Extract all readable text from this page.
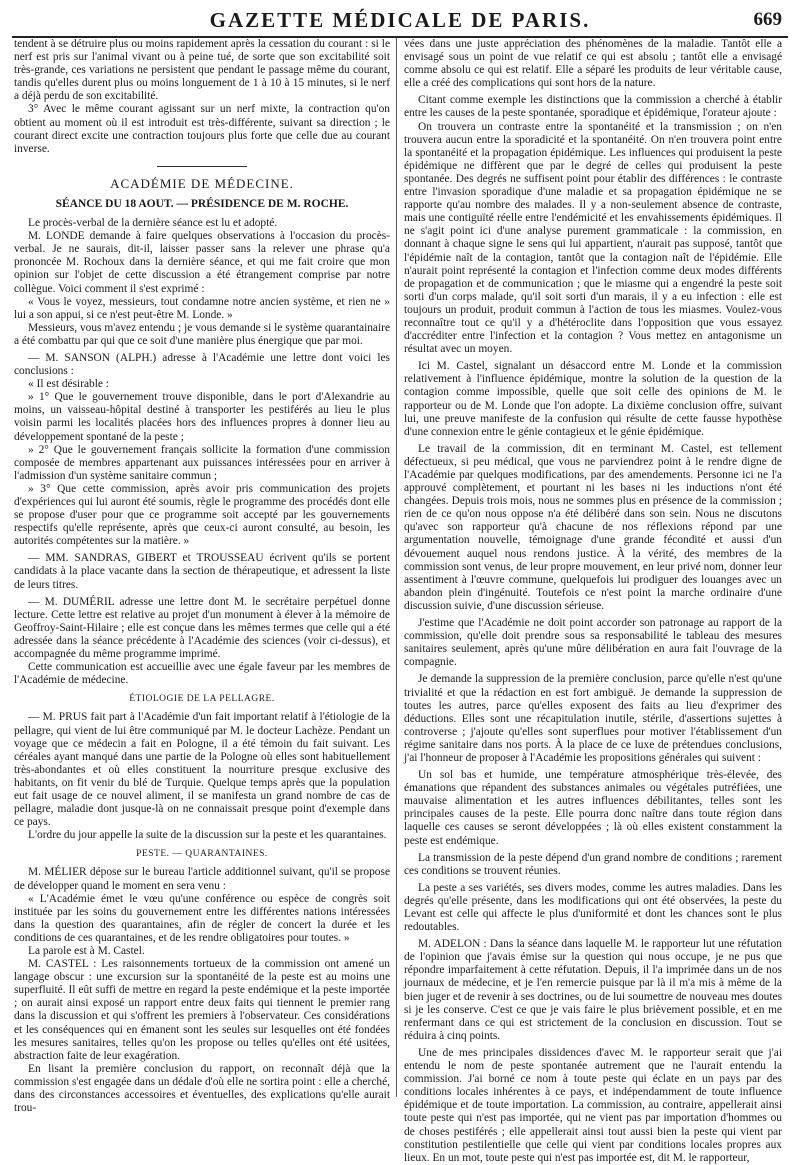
GAZETTE MÉDICALE DE PARIS.	669

tendent à se détruire plus ou moins rapidement après la cessation du courant : si le nerf est pris sur l'animal vivant ou à peine tué, de sorte que son excitabilité soit très-grande, ces variations ne persistent que pendant le passage même du courant, tandis qu'elles durent plus ou moins longuement de 1 à 10 à 15 minutes, si le nerf a déjà perdu de son excitabilité.

3° Avec le même courant agissant sur un nerf mixte, la contraction qu'on obtient au moment où il est introduit est très-différente, suivant sa direction ; le courant direct excite une contraction toujours plus forte que celle due au courant inverse.

ACADÉMIE DE MÉDECINE.
SÉANCE DU 18 AOUT. — PRÉSIDENCE DE M. ROCHE.

Le procès-verbal de la dernière séance est lu et adopté.

M. LONDE demande à faire quelques observations à l'occasion du procès-verbal. Je ne saurais, dit-il, laisser passer sans la relever une phrase qu'a prononcée M. Rochoux dans la dernière séance, et qui me fait croire que mon opinion sur l'objet de cette discussion a été étrangement comprise par notre collègue. Voici comment il s'est exprimé :

« Vous le voyez, messieurs, tout condamne notre ancien système, et rien ne » lui a son appui, si ce n'est peut-être M. Londe. »

Messieurs, vous m'avez entendu ; je vous demande si le système quarantainaire a été combattu par qui que ce soit d'une manière plus énergique que par moi.

— M. SANSON (ALPH.) adresse à l'Académie une lettre dont voici les conclusions :

« Il est désirable :

» 1° Que le gouvernement trouve disponible, dans le port d'Alexandrie au moins, un vaisseau-hôpital destiné à transporter les pestiférés au lieu le plus voisin parmi les localités placées hors des influences propres à donner lieu au développement spontané de la peste ;

» 2° Que le gouvernement français sollicite la formation d'une commission composée de membres appartenant aux puissances intéressées pour en arriver à l'admission d'un système sanitaire commun ;

» 3° Que cette commission, après avoir pris communication des projets d'expériences qui lui auront été soumis, règle le programme des procédés dont elle se propose d'user pour que ce programme soit accepté par les gouvernements respectifs qu'elle représente, après que ceux-ci auront consulté, au besoin, les autorités compétentes sur la matière. »

— MM. SANDRAS, GIBERT et TROUSSEAU écrivent qu'ils se portent candidats à la place vacante dans la section de thérapeutique, et adressent la liste de leurs titres.

— M. DUMÉRIL adresse une lettre dont M. le secrétaire perpétuel donne lecture. Cette lettre est relative au projet d'un monument à élever à la mémoire de Geoffroy-Saint-Hilaire ; elle est conçue dans les mêmes termes que celle qui a été adressée dans la séance précédente à l'Académie des sciences (voir ci-dessus), et accompagnée du même programme imprimé.

Cette communication est accueillie avec une égale faveur par les membres de l'Académie de médecine.

ÉTIOLOGIE DE LA PELLAGRE.

— M. PRUS fait part à l'Académie d'un fait important relatif à l'étiologie de la pellagre, qui vient de lui être communiqué par M. le docteur Lachèze. Pendant un voyage que ce médecin a fait en Pologne, il a été témoin du fait suivant. Les céréales ayant manqué dans une partie de la Pologne où elles sont habituellement très-abondantes et où elles constituent la nourriture presque exclusive des habitants, on fit venir du blé de Turquie. Quelque temps après que la population eut fait usage de ce nouvel aliment, il se manifesta un grand nombre de cas de pellagre, maladie dont jusque-là on ne connaissait presque point d'exemple dans ce pays.

L'ordre du jour appelle la suite de la discussion sur la peste et les quarantaines.

PESTE. — QUARANTAINES.

M. MÉLIER dépose sur le bureau l'article additionnel suivant, qu'il se propose de développer quand le moment en sera venu :

« L'Académie émet le vœu qu'une conférence ou espèce de congrès soit instituée par les soins du gouvernement entre les différentes nations intéressées dans la question des quarantaines, afin de régler de concert la durée et les conditions de ces quarantaines, et de les rendre obligatoires pour toutes. »

La parole est à M. Castel.

M. CASTEL : Les raisonnements tortueux de la commission ont amené un langage obscur : une excursion sur la spontanéité de la peste est au moins une superfluité. Il eût suffi de mettre en regard la peste endémique et la peste importée ; on aurait ainsi exposé un rapport entre deux faits qui tiennent le premier rang dans la discussion et qui s'offrent les premiers à l'observateur. Ces considérations et les conséquences qui en émanent sont les seules sur lesquelles ont été fondées les mesures sanitaires, telles qu'on les propose ou telles qu'elles ont été usitées, abstraction faite de leur exagération.

En lisant la première conclusion du rapport, on reconnaît déjà que la commission s'est engagée dans un dédale d'où elle ne sortira point : elle a cherché, dans des circonstances accessoires et éventuelles, des explications qu'elle aurait trou-

vées dans une juste appréciation des phénomènes de la maladie. Tantôt elle a envisagé sous un point de vue relatif ce qui est absolu ; tantôt elle a envisagé comme absolu ce qui est relatif. Elle a séparé les produits de leur véritable cause, elle a créé des complications qui sont hors de la nature.

Citant comme exemple les distinctions que la commission a cherché à établir entre les causes de la peste spontanée, sporadique et épidémique, l'orateur ajoute :

On trouvera un contraste entre la spontanéité et la transmission ; on n'en trouvera aucun entre la sporadicité et la spontanéité. On n'en trouvera point entre la spontanéité et la propagation épidémique. Les influences qui produisent la peste épidémique ne diffèrent que par le degré de celles qui produisent la peste spontanée. Des degrés ne suffisent point pour établir des différences : le contraste entre l'invasion sporadique d'une maladie et sa propagation épidémique ne se rapporte qu'au nombre des malades. Il y a non-seulement absence de contraste, mais une contiguïté réelle entre l'endémicité et les envahissements épidémiques. Il ne s'agit point ici d'une analyse purement grammaticale : la commission, en donnant à chaque signe le sens qui lui appartient, n'aurait pas supposé, tantôt que l'épidémie naît de la contagion, tantôt que la contagion naît de l'épidémie. Elle n'aurait point représenté la contagion et l'infection comme deux modes différents de propagation et de communication ; que le miasme qui a engendré la peste soit sorti d'un corps malade, qu'il soit sorti d'un marais, il y a eu infection : elle est toujours un produit, produit commun à l'action de tous les miasmes. Voulez-vous reconnaître tout ce qu'il y a d'hétéroclite dans l'opposition que vous essayez d'accréditer entre l'infection et la contagion ? Vous mettez en antagonisme un résultat avec un moyen.

Ici M. Castel, signalant un désaccord entre M. Londe et la commission relativement à l'influence épidémique, montre la solution de la question de la contagion comme impossible, quelle que soit celle des opinions de M. le rapporteur ou de M. Londe que l'on adopte. La dixième conclusion offre, suivant lui, une preuve manifeste de la confusion qui résulte de cette fausse hypothèse d'une connexion entre le génie contagieux et le génie épidémique.

Le travail de la commission, dit en terminant M. Castel, est tellement défectueux, si peu médical, que vous ne parviendrez point à le rendre digne de l'Académie par quelques modifications, par des amendements. Personne ici ne l'a approuvé complètement, et pourtant ni les bases ni les inductions n'ont été changées. Depuis trois mois, nous ne sommes plus en présence de la commission ; rien de ce qu'on nous oppose n'a été délibéré dans son sein. Nous ne discutons qu'avec son rapporteur qu'à chacune de nos réflexions répond par une argumentation nouvelle, témoignage d'une grande fécondité et aussi d'un dévouement auquel nous rendons justice. À la vérité, des membres de la commission sont venus, de leur propre mouvement, en leur privé nom, donner leur assentiment à l'œuvre commune, quelquefois lui prodiguer des louanges avec un abandon plein d'ingénuité. Toutefois ce n'est point la marche ordinaire d'une discussion suivie, d'une discussion sérieuse.

J'estime que l'Académie ne doit point accorder son patronage au rapport de la commission, qu'elle doit prendre sous sa responsabilité le tableau des mesures sanitaires seulement, après qu'une mûre délibération en aura fait l'ouvrage de la compagnie.

Je demande la suppression de la première conclusion, parce qu'elle n'est qu'une trivialité et que la rédaction en est fort ambiguë. Je demande la suppression de toutes les autres, parce qu'elles exposent des faits au lieu d'exprimer des déductions. Elles sont une récapitulation inutile, stérile, d'assertions sujettes à controverse ; j'ajoute qu'elles sont superflues pour motiver l'établissement d'un régime sanitaire dans nos ports. À la place de ce luxe de prétendues conclusions, j'ai l'honneur de proposer à l'Académie les propositions générales qui suivent :

Un sol bas et humide, une température atmosphérique très-élevée, des émanations que répandent des substances animales ou végétales putréfiées, une mauvaise alimentation et les autres influences débilitantes, telles sont les principales causes de la peste. Elle pourra donc naître dans toute région dans laquelle ces causes se seront développées ; là où elles existent constamment la peste est endémique.

La transmission de la peste dépend d'un grand nombre de conditions ; rarement ces conditions se trouvent réunies.

La peste a ses variétés, ses divers modes, comme les autres maladies. Dans les degrés qu'elle présente, dans les modifications qui ont été observées, la peste du Levant est celle qui affecte le plus d'uniformité et dont les chances sont le plus redoutables.

M. ADELON : Dans la séance dans laquelle M. le rapporteur lut une réfutation de l'opinion que j'avais émise sur la question qui nous occupe, je ne pus que répondre imparfaitement à cette réfutation. Depuis, il l'a imprimée dans un de nos journaux de médecine, et je l'en remercie puisque par là il m'a mis à même de la bien juger et de revenir à ses doctrines, ou de lui soumettre de nouveau mes doutes si je les conserve. C'est ce que je vais faire le plus brièvement possible, et en me renfermant dans ce qui est strictement de la conclusion en discussion. Tout se réduira à cinq points.

Une de mes principales dissidences d'avec M. le rapporteur serait que j'ai entendu le nom de peste spontanée autrement que ne l'aurait entendu la commission. J'ai borné ce nom à toute peste qui éclate en un pays par des conditions locales inhérentes à ce pays, et indépendamment de toute influence épidémique et de toute importation. La commission, au contraire, appellerait ainsi toute peste qui n'est pas importée, qui ne vient pas par importation d'hommes ou de choses pestiférés ; elle appellerait ainsi tout aussi bien la peste qui vient par constitution pestilentielle que celle qui vient par conditions locales propres aux lieux. En un mot, toute peste qui n'est pas importée est, dit M. le rapporteur,
